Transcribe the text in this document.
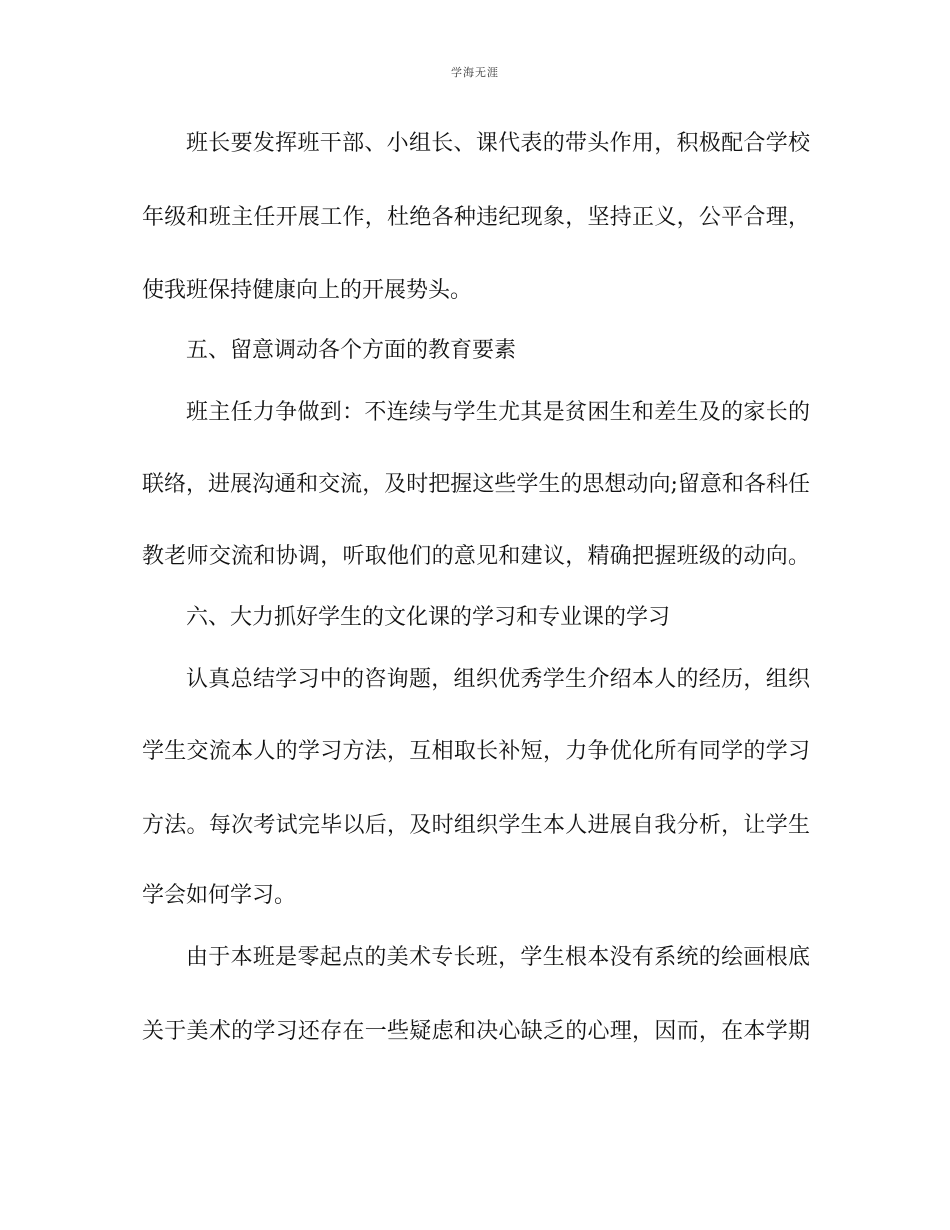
学海无涯
班长要发挥班干部、小组长、课代表的带头作用，积极配合学校
年级和班主任开展工作，杜绝各种违纪现象，坚持正义，公平合理，
使我班保持健康向上的开展势头。
五、留意调动各个方面的教育要素
班主任力争做到：不连续与学生尤其是贫困生和差生及的家长的
联络，进展沟通和交流，及时把握这些学生的思想动向;留意和各科任
教老师交流和协调，听取他们的意见和建议，精确把握班级的动向。
六、大力抓好学生的文化课的学习和专业课的学习
认真总结学习中的咨询题，组织优秀学生介绍本人的经历，组织
学生交流本人的学习方法，互相取长补短，力争优化所有同学的学习
方法。每次考试完毕以后，及时组织学生本人进展自我分析，让学生
学会如何学习。
由于本班是零起点的美术专长班，学生根本没有系统的绘画根底
关于美术的学习还存在一些疑虑和决心缺乏的心理，因而，在本学期
